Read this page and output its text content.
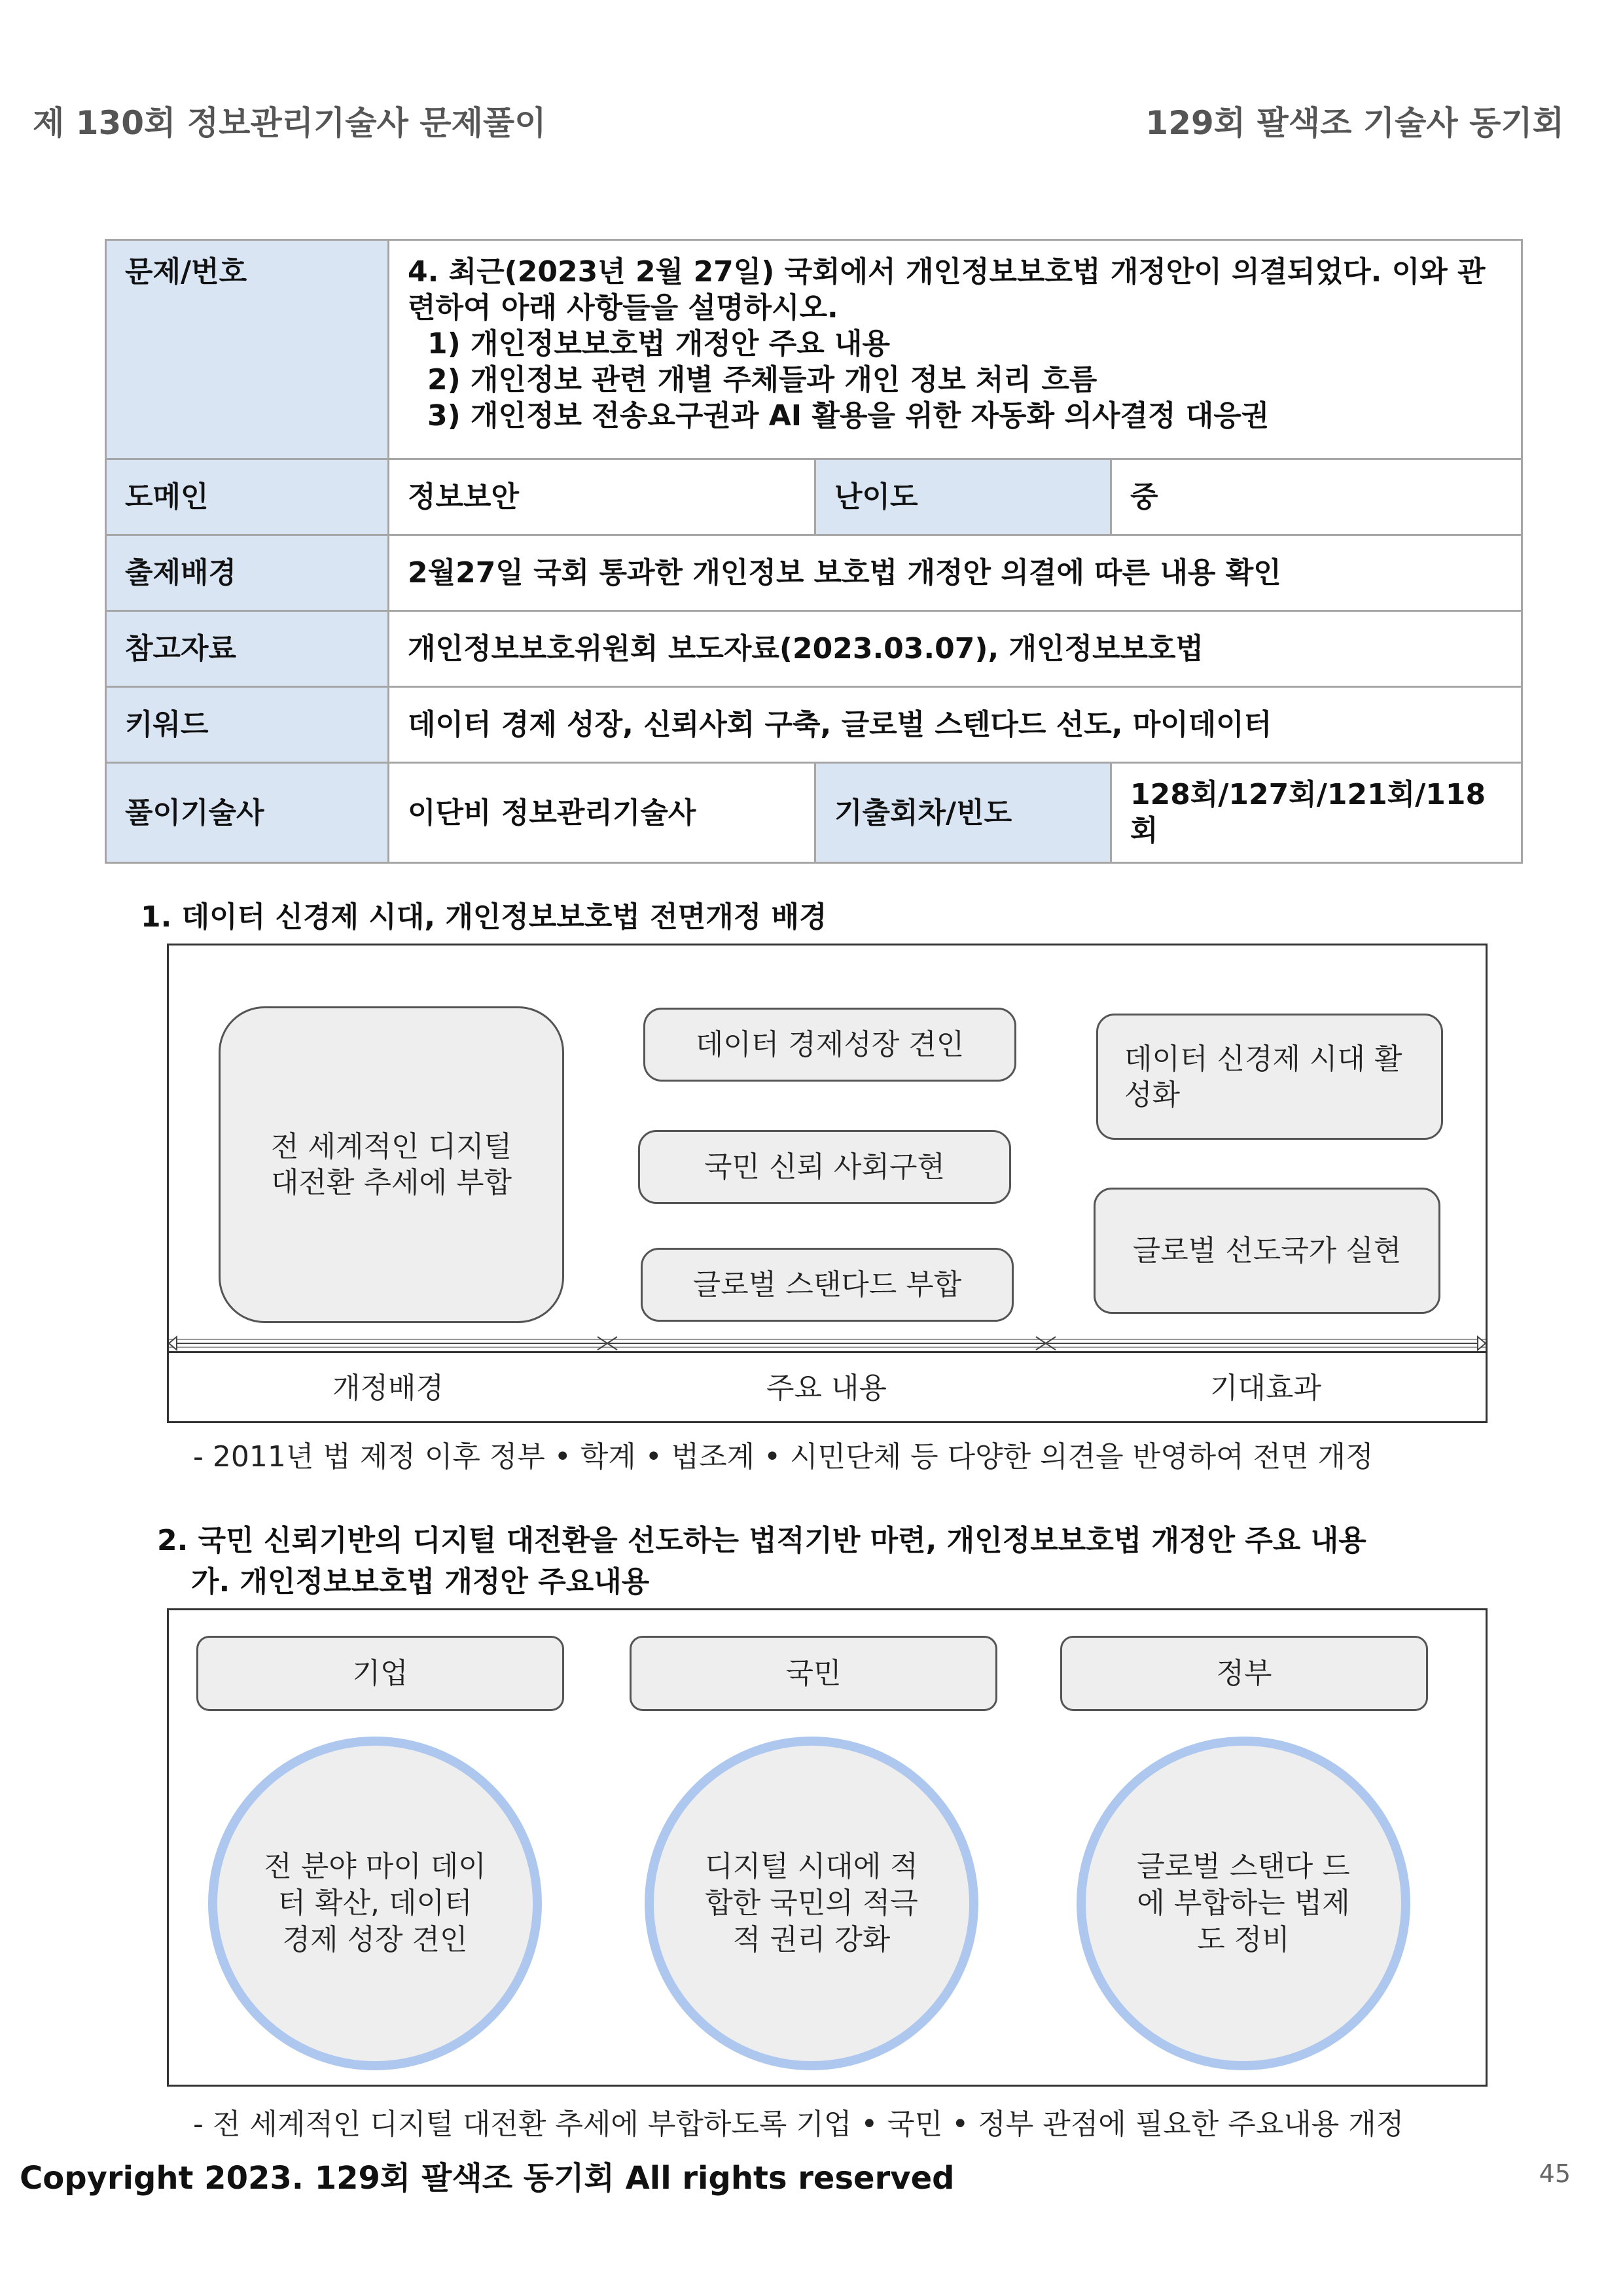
제 130회 정보관리기술사 문제풀이	129회 팔색조 기술사 동기회
문제/번호	4. 최근(2023년 2월 27일) 국회에서 개인정보보호법 개정안이 의결되었다. 이와 관련하여 아래 사항들을 설명하시오.
1) 개인정보보호법 개정안 주요 내용
2) 개인정보 관련 개별 주체들과 개인 정보 처리 흐름
3) 개인정보 전송요구권과 AI 활용을 위한 자동화 의사결정 대응권		

도메인	정보보안	난이도	중
출제배경	2월27일 국회 통과한 개인정보 보호법 개정안 의결에 따른 내용 확인		
참고자료	개인정보보호위원회 보도자료(2023.03.07), 개인정보보호법		
키워드	데이터 경제 성장, 신뢰사회 구축, 글로벌 스텐다드 선도, 마이데이터		
풀이기술사	이단비 정보관리기술사	기출회차/빈도	128회/127회/121회/118회
1. 데이터 신경제 시대, 개인정보보호법 전면개정 배경
전 세계적인 디지털 대전환 추세에 부합
데이터 경제성장 견인
국민 신뢰 사회구현
글로벌 스탠다드 부합
데이터 신경제 시대 활성화
글로벌 선도국가 실현
개정배경	주요 내용	기대효과
- 2011년 법 제정 이후 정부 • 학계 • 법조계 • 시민단체 등 다양한 의견을 반영하여 전면 개정
2. 국민 신뢰기반의 디지털 대전환을 선도하는 법적기반 마련, 개인정보보호법 개정안 주요 내용
가. 개인정보보호법 개정안 주요내용
기업	국민	정부
전 분야 마이 데이터 확산, 데이터 경제 성장 견인
디지털 시대에 적합한 국민의 적극적 권리 강화
글로벌 스탠다 드에 부합하는 법제도 정비
- 전 세계적인 디지털 대전환 추세에 부합하도록 기업 • 국민 • 정부 관점에 필요한 주요내용 개정
Copyright 2023. 129회 팔색조 동기회 All rights reserved	45
